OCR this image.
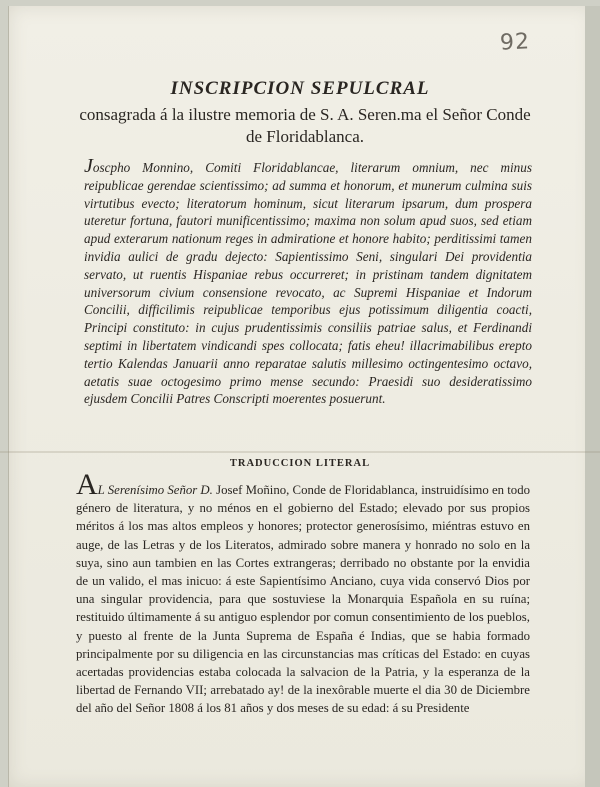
92
INSCRIPCION SEPULCRAL

consagrada á la ilustre memoria de S. A. Seren.ma el Señor Conde de Floridablanca.

Joscpho Monnino, Comiti Floridablancae, literarum omnium, nec minus reipublicae gerendae scientissimo; ad summa et honorum, et munerum culmina suis virtutibus evecto; literatorum hominum, sicut literarum ipsarum, dum prospera uteretur fortuna, fautori munificentissimo; maxima non solum apud suos, sed etiam apud exterarum nationum reges in admiratione et honore habito; perditissimi tamen invidia aulici de gradu dejecto: Sapientissimo Seni, singulari Dei providentia servato, ut ruentis Hispaniae rebus occurreret; in pristinam tandem dignitatem universorum civium consensione revocato, ac Supremi Hispaniae et Indorum Concilii, difficilimis reipublicae temporibus ejus potissimum diligentia coacti, Principi constituto: in cujus prudentissimis consiliis patriae salus, et Ferdinandi septimi in libertatem vindicandi spes collocata; fatis eheu! illacrimabilibus erepto tertio Kalendas Januarii anno reparatae salutis millesimo octingentesimo octavo, aetatis suae octogesimo primo mense secundo: Praesidi suo desideratissimo ejusdem Concilii Patres Conscripti moerentes posuerunt.

TRADUCCION LITERAL

AL Serenísimo Señor D. Josef Moñino, Conde de Floridablanca, instruidísimo en todo género de literatura, y no ménos en el gobierno del Estado; elevado por sus propios méritos á los mas altos empleos y honores; protector generosísimo, miéntras estuvo en auge, de las Letras y de los Literatos, admirado sobre manera y honrado no solo en la suya, sino aun tambien en las Cortes extrangeras; derribado no obstante por la envidia de un valido, el mas inicuo: á este Sapientísimo Anciano, cuya vida conservó Dios por una singular providencia, para que sostuviese la Monarquia Española en su ruína; restituido últimamente á su antiguo esplendor por comun consentimiento de los pueblos, y puesto al frente de la Junta Suprema de España é Indias, que se habia formado principalmente por su diligencia en las circunstancias mas críticas del Estado: en cuyas acertadas providencias estaba colocada la salvacion de la Patria, y la esperanza de la libertad de Fernando VII; arrebatado ay! de la inexôrable muerte el dia 30 de Diciembre del año del Señor 1808 á los 81 años y dos meses de su edad: á su Presidente
